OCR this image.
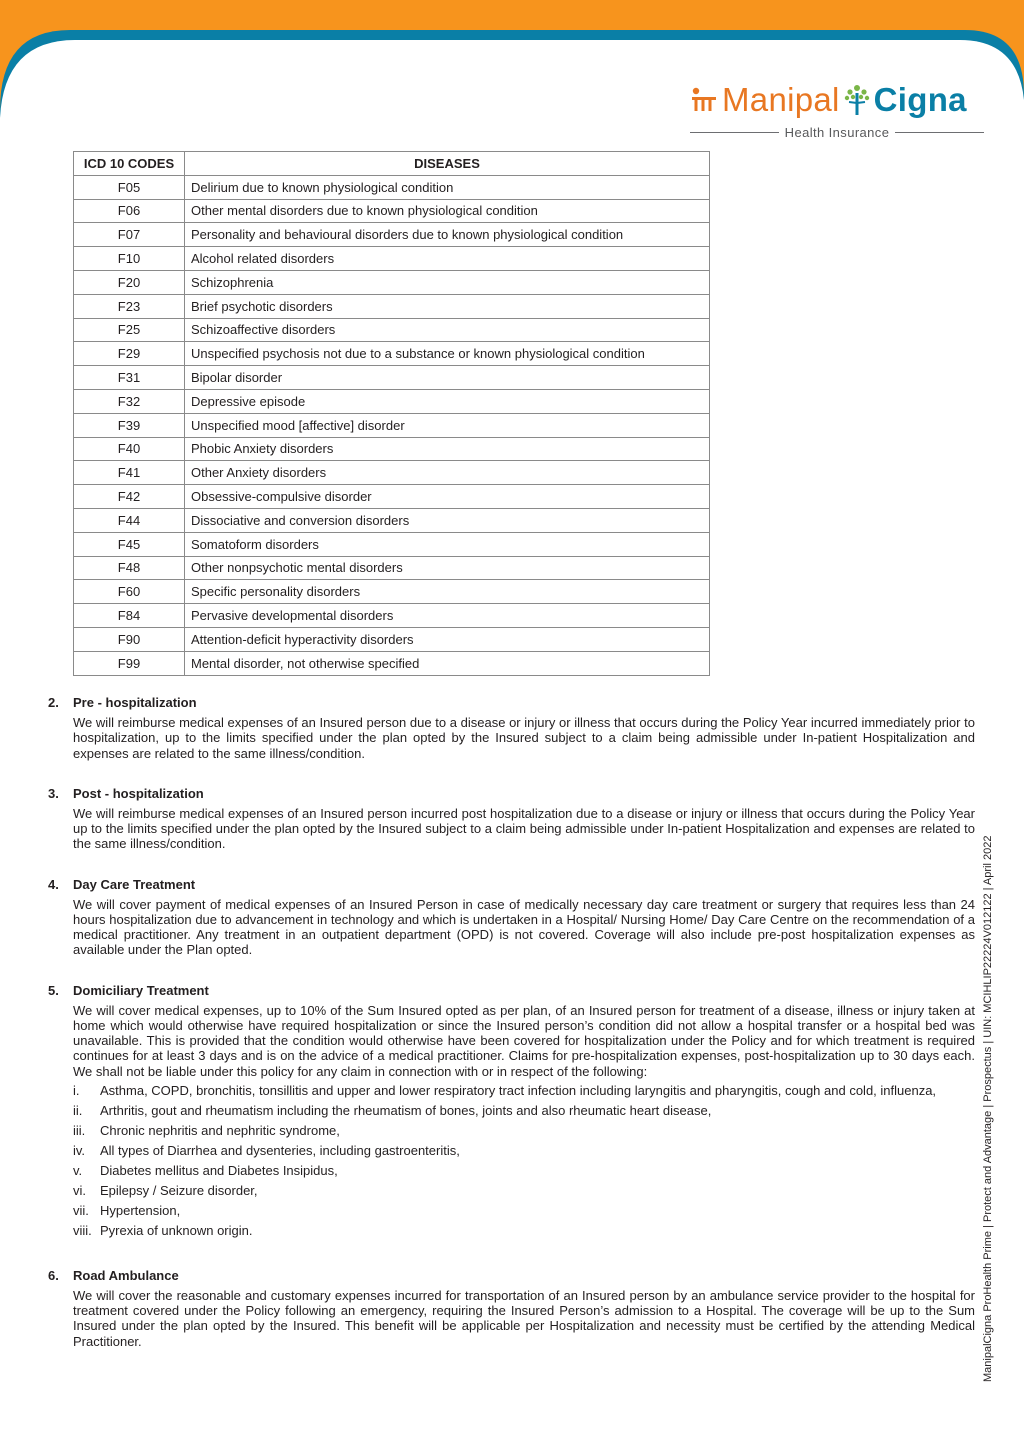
Manipal Cigna
Health Insurance
ICD 10 CODES	DISEASES
F05	Delirium due to known physiological condition
F06	Other mental disorders due to known physiological condition
F07	Personality and behavioural disorders due to known physiological condition
F10	Alcohol related disorders
F20	Schizophrenia
F23	Brief psychotic disorders
F25	Schizoaffective disorders
F29	Unspecified psychosis not due to a substance or known physiological condition
F31	Bipolar disorder
F32	Depressive episode
F39	Unspecified mood [affective] disorder
F40	Phobic Anxiety disorders
F41	Other Anxiety disorders
F42	Obsessive-compulsive disorder
F44	Dissociative and conversion disorders
F45	Somatoform disorders
F48	Other nonpsychotic mental disorders
F60	Specific personality disorders
F84	Pervasive developmental disorders
F90	Attention-deficit hyperactivity disorders
F99	Mental disorder, not otherwise specified
2. Pre - hospitalization
We will reimburse medical expenses of an Insured person due to a disease or injury or illness that occurs during the Policy Year incurred immediately prior to hospitalization, up to the limits specified under the plan opted by the Insured subject to a claim being admissible under In-patient Hospitalization and expenses are related to the same illness/condition.
3. Post - hospitalization
We will reimburse medical expenses of an Insured person incurred post hospitalization due to a disease or injury or illness that occurs during the Policy Year up to the limits specified under the plan opted by the Insured subject to a claim being admissible under In-patient Hospitalization and expenses are related to the same illness/condition.
4. Day Care Treatment
We will cover payment of medical expenses of an Insured Person in case of medically necessary day care treatment or surgery that requires less than 24 hours hospitalization due to advancement in technology and which is undertaken in a Hospital/ Nursing Home/ Day Care Centre on the recommendation of a medical practitioner. Any treatment in an outpatient department (OPD) is not covered. Coverage will also include pre-post hospitalization expenses as available under the Plan opted.
5. Domiciliary Treatment
We will cover medical expenses, up to 10% of the Sum Insured opted as per plan, of an Insured person for treatment of a disease, illness or injury taken at home which would otherwise have required hospitalization or since the Insured person’s condition did not allow a hospital transfer or a hospital bed was unavailable. This is provided that the condition would otherwise have been covered for hospitalization under the Policy and for which treatment is required continues for at least 3 days and is on the advice of a medical practitioner. Claims for pre-hospitalization expenses, post-hospitalization up to 30 days each. We shall not be liable under this policy for any claim in connection with or in respect of the following:
i. Asthma, COPD, bronchitis, tonsillitis and upper and lower respiratory tract infection including laryngitis and pharyngitis, cough and cold, influenza,
ii. Arthritis, gout and rheumatism including the rheumatism of bones, joints and also rheumatic heart disease,
iii. Chronic nephritis and nephritic syndrome,
iv. All types of Diarrhea and dysenteries, including gastroenteritis,
v. Diabetes mellitus and Diabetes Insipidus,
vi. Epilepsy / Seizure disorder,
vii. Hypertension,
viii. Pyrexia of unknown origin.
6. Road Ambulance
We will cover the reasonable and customary expenses incurred for transportation of an Insured person by an ambulance service provider to the hospital for treatment covered under the Policy following an emergency, requiring the Insured Person’s admission to a Hospital. The coverage will be up to the Sum Insured under the plan opted by the Insured. This benefit will be applicable per Hospitalization and necessity must be certified by the attending Medical Practitioner.	ManipalCigna ProHealth Prime | Protect and Advantage | Prospectus | UIN: MCIHLIP22224V012122 | April 2022
